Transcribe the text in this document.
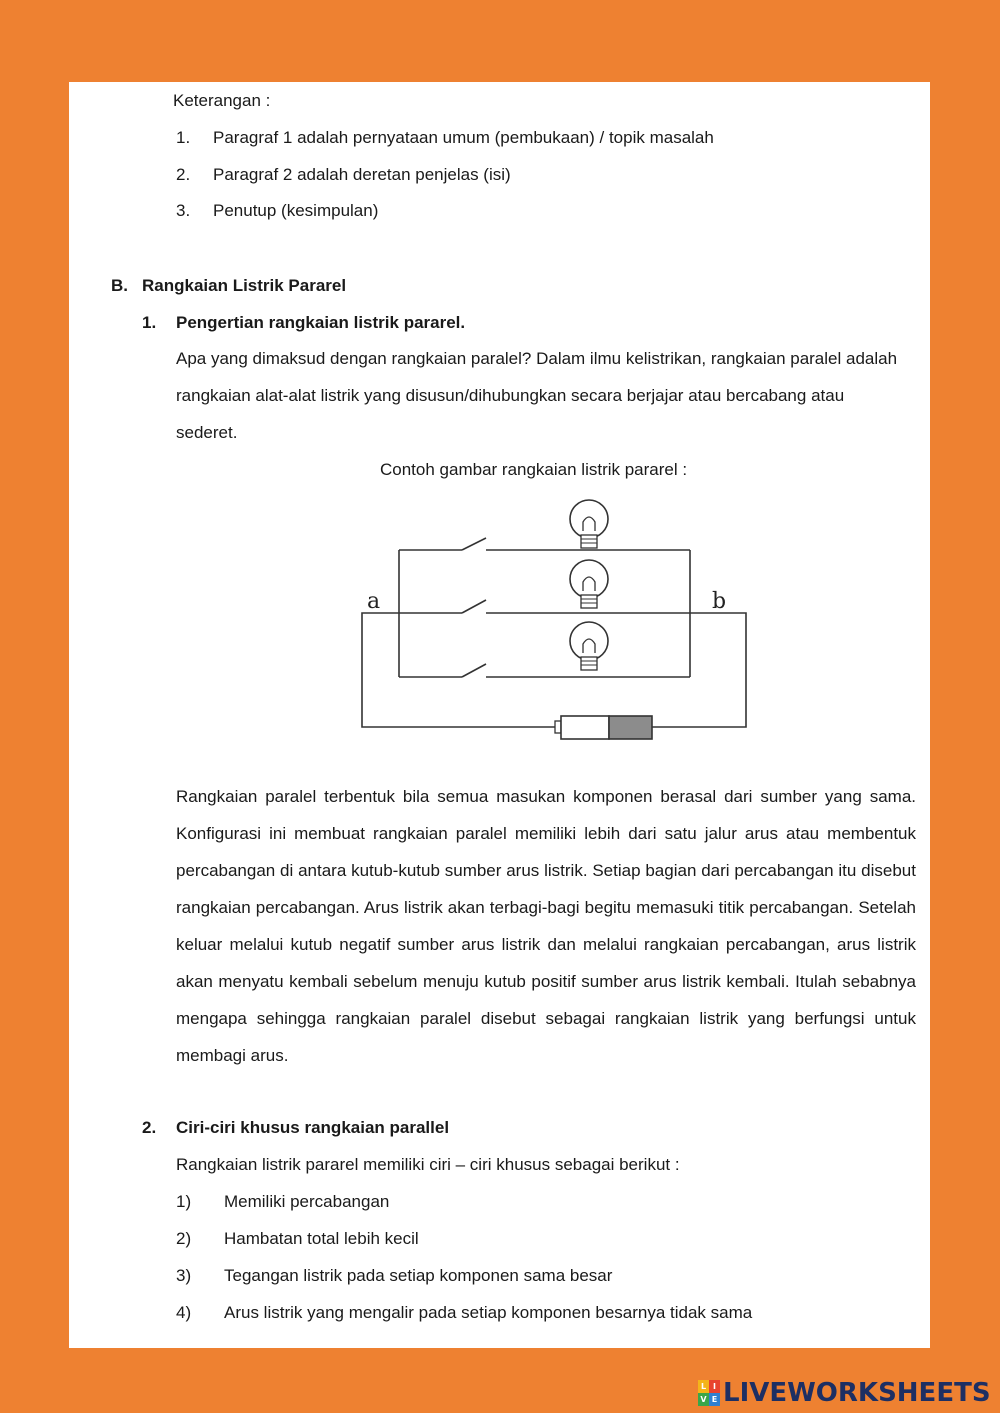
Keterangan :
1. Paragraf 1 adalah pernyataan umum (pembukaan) / topik masalah
2. Paragraf 2 adalah deretan penjelas (isi)
3. Penutup (kesimpulan)
B. Rangkaian Listrik Pararel
1. Pengertian rangkaian listrik pararel.
Apa yang dimaksud dengan rangkaian paralel? Dalam ilmu kelistrikan, rangkaian paralel adalah rangkaian alat-alat listrik yang disusun/dihubungkan secara berjajar atau bercabang atau sederet.
Contoh gambar rangkaian listrik pararel :
Rangkaian paralel terbentuk bila semua masukan komponen berasal dari sumber yang sama. Konfigurasi ini membuat rangkaian paralel memiliki lebih dari satu jalur arus atau membentuk percabangan di antara kutub-kutub sumber arus listrik. Setiap bagian dari percabangan itu disebut rangkaian percabangan. Arus listrik akan terbagi-bagi begitu memasuki titik percabangan. Setelah keluar melalui kutub negatif sumber arus listrik dan melalui rangkaian percabangan, arus listrik akan menyatu kembali sebelum menuju kutub positif sumber arus listrik kembali. Itulah sebabnya mengapa sehingga rangkaian paralel disebut sebagai rangkaian listrik yang berfungsi untuk membagi arus.
2. Ciri-ciri khusus rangkaian parallel
Rangkaian listrik pararel memiliki ciri – ciri khusus sebagai berikut :
1) Memiliki percabangan
2) Hambatan total lebih kecil
3) Tegangan listrik pada setiap komponen sama besar
4) Arus listrik yang mengalir pada setiap komponen besarnya tidak sama
a	b
L I
V E LIVEWORKSHEETS
